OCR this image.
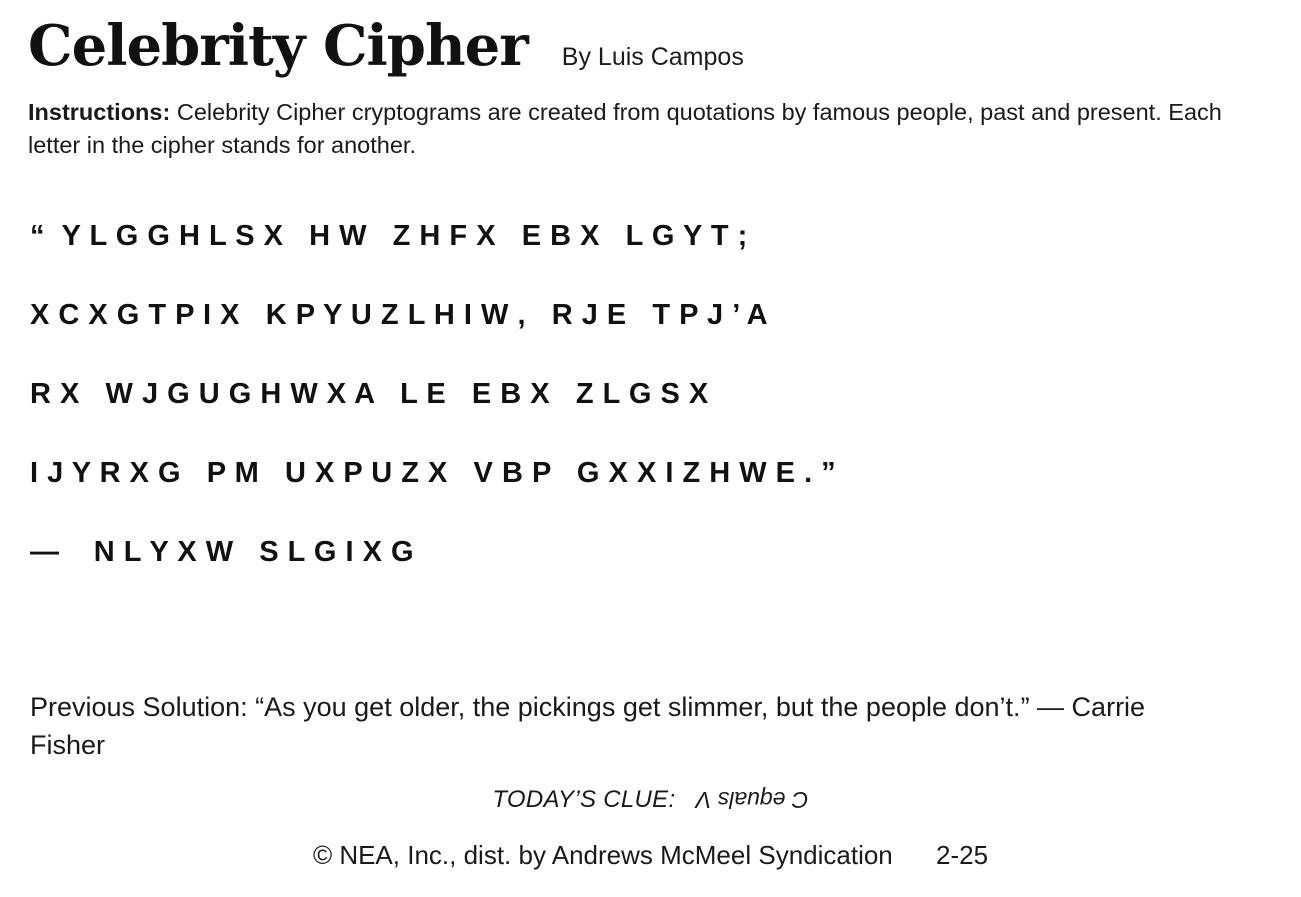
Celebrity Cipher By Luis Campos
Instructions: Celebrity Cipher cryptograms are created from quotations by famous people, past and present. Each letter in the cipher stands for another.
“  Y L G G H L S X   H W   Z H F X   E B X   L G Y T ;
X C X G T P I X   K P Y U Z L H I W ,   R J E   T P J ’ A
R X   W J G U G H W X A   L E   E B X   Z L G S X
I J Y R X G   P M   U X P U Z X   V B P   G X X I Z H W E . ”
—    N L Y X W   S L G I X G
Previous Solution: “As you get older, the pickings get slimmer, but the people don’t.” — Carrie Fisher
TODAY’S CLUE: C equals V
© NEA, Inc., dist. by Andrews McMeel Syndication 2-25
